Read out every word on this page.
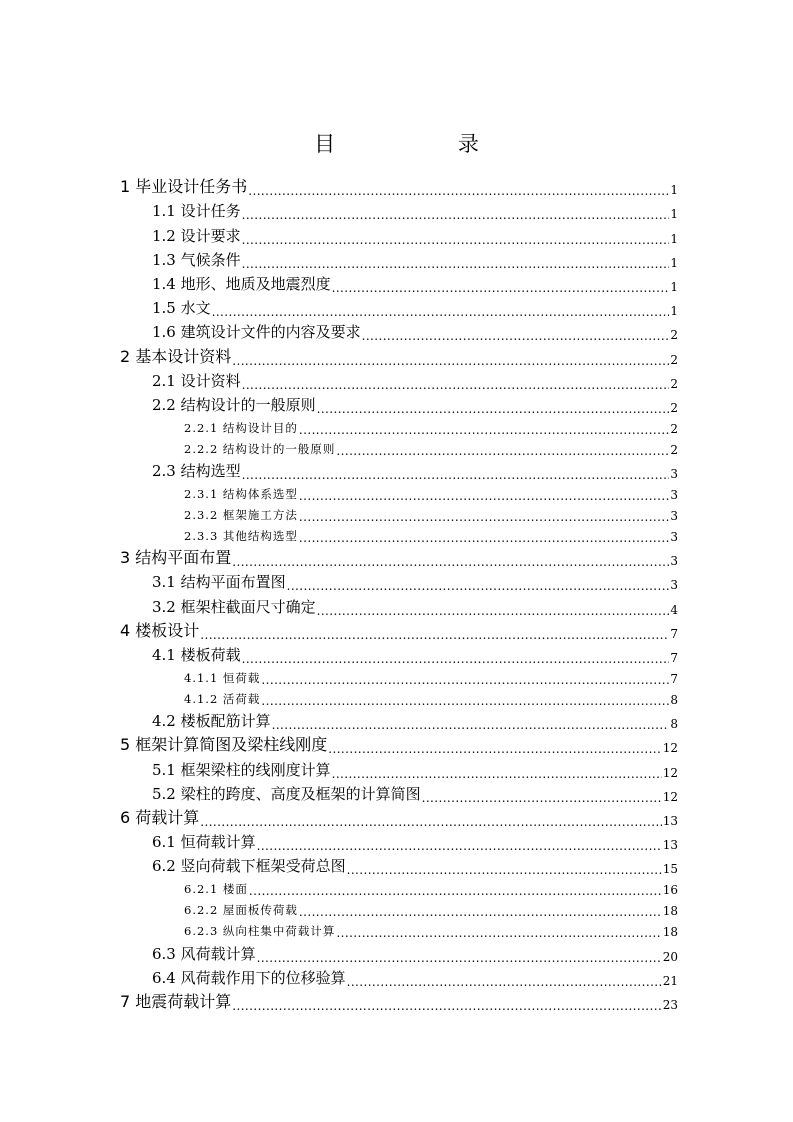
目 录
1 毕业设计任务书 .....	1
1.1 设计任务 .....	1
1.2 设计要求 .....	1
1.3 气候条件 .....	1
1.4 地形、地质及地震烈度 .....	1
1.5 水文 .....	1
1.6 建筑设计文件的内容及要求 .....	2
2 基本设计资料 .....	2
2.1 设计资料 .....	2
2.2 结构设计的一般原则 .....	2
2.2.1 结构设计目的 .....	2
2.2.2 结构设计的一般原则 .....	2
2.3 结构选型 .....	3
2.3.1 结构体系选型 .....	3
2.3.2 框架施工方法 .....	3
2.3.3 其他结构选型 .....	3
3 结构平面布置 .....	3
3.1 结构平面布置图 .....	3
3.2 框架柱截面尺寸确定 .....	4
4 楼板设计 .....	7
4.1 楼板荷载 .....	7
4.1.1 恒荷载 .....	7
4.1.2 活荷载 .....	8
4.2 楼板配筋计算 .....	8
5 框架计算简图及梁柱线刚度 .....	12
5.1 框架梁柱的线刚度计算 .....	12
5.2 梁柱的跨度、高度及框架的计算简图 .....	12
6 荷载计算 .....	13
6.1 恒荷载计算 .....	13
6.2 竖向荷载下框架受荷总图 .....	15
6.2.1 楼面 .....	16
6.2.2 屋面板传荷载 .....	18
6.2.3 纵向柱集中荷载计算 .....	18
6.3 风荷载计算 .....	20
6.4 风荷载作用下的位移验算 .....	21
7 地震荷载计算 .....	23
